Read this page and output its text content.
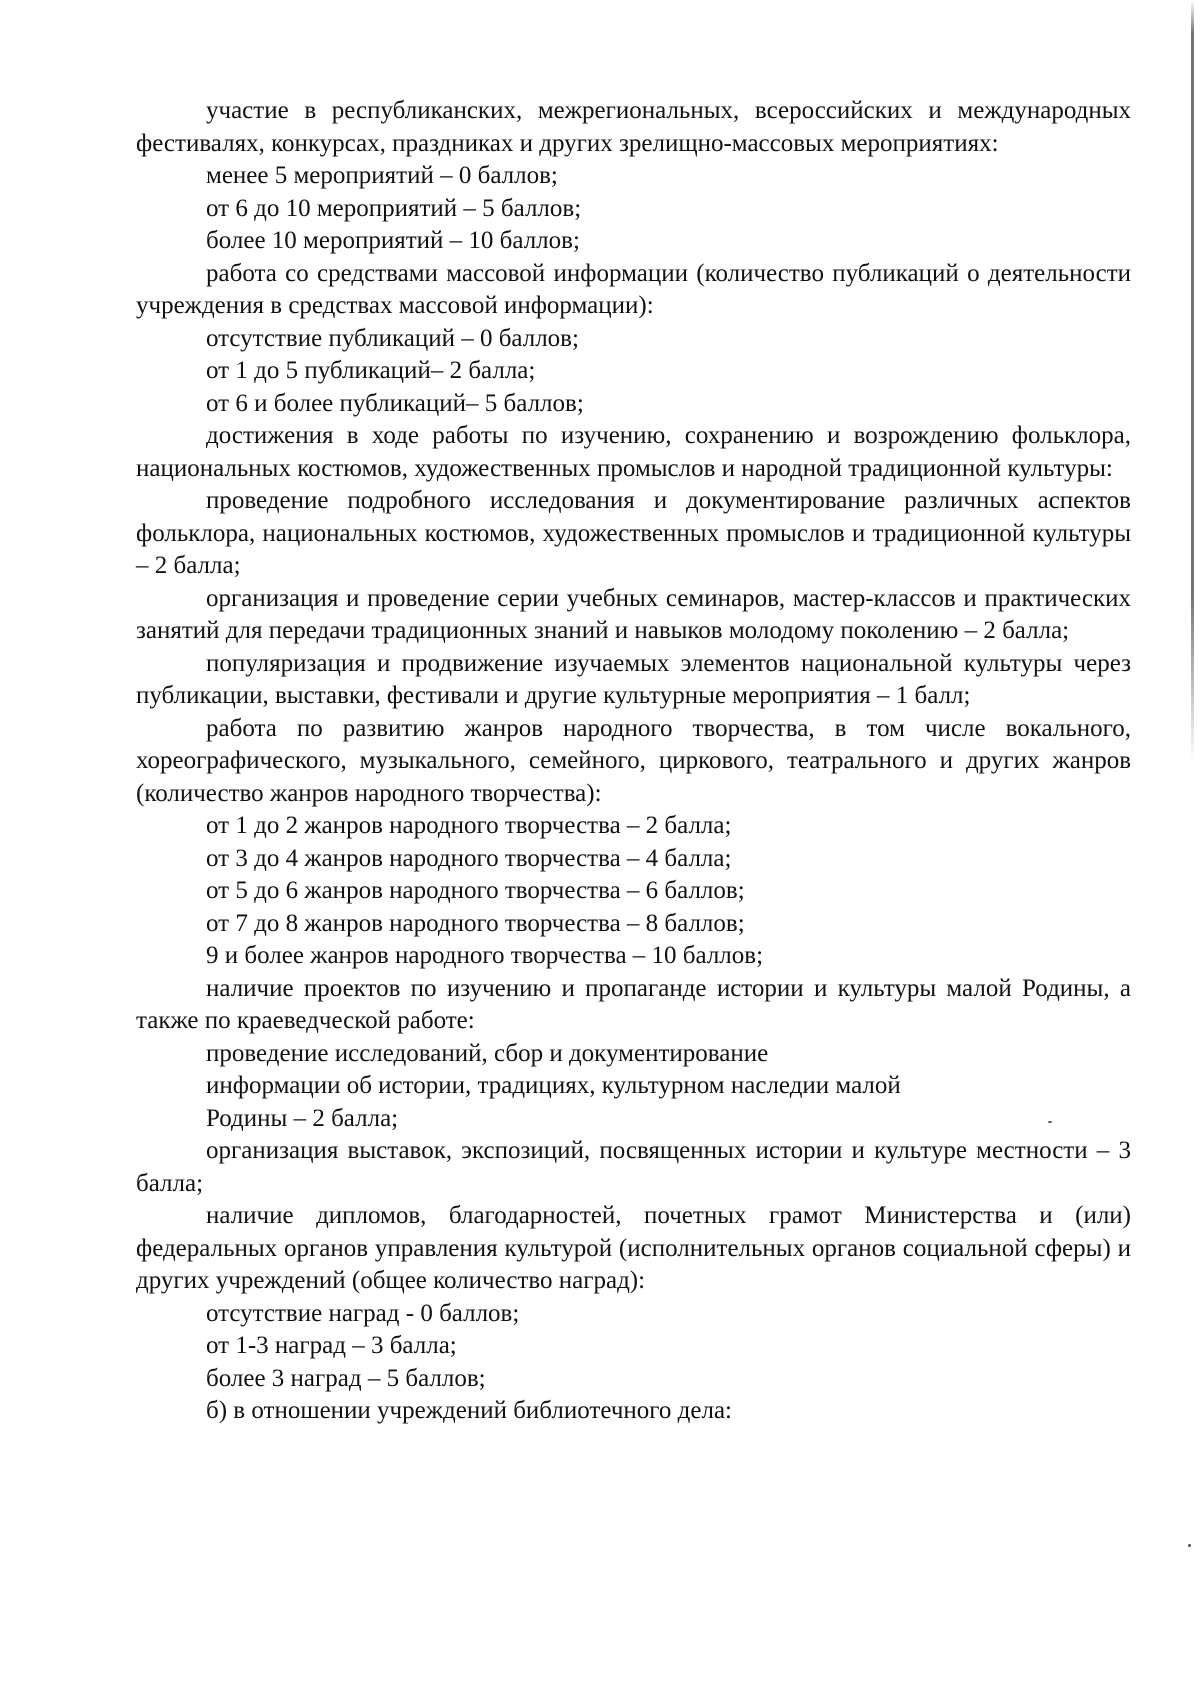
участие в республиканских, межрегиональных, всероссийских и международных фестивалях, конкурсах, праздниках и других зрелищно-массовых мероприятиях:

менее 5 мероприятий – 0 баллов;

от 6 до 10 мероприятий – 5 баллов;

более 10 мероприятий – 10 баллов;

работа со средствами массовой информации (количество публикаций о деятельности учреждения в средствах массовой информации):

отсутствие публикаций – 0 баллов;

от 1 до 5 публикаций– 2 балла;

от 6 и более публикаций– 5 баллов;

достижения в ходе работы по изучению, сохранению и возрождению фольклора, национальных костюмов, художественных промыслов и народной традиционной культуры:

проведение подробного исследования и документирование различных аспектов фольклора, национальных костюмов, художественных промыслов и традиционной культуры – 2 балла;

организация и проведение серии учебных семинаров, мастер-классов и практических занятий для передачи традиционных знаний и навыков молодому поколению – 2 балла;

популяризация и продвижение изучаемых элементов национальной культуры через публикации, выставки, фестивали и другие культурные мероприятия – 1 балл;

работа по развитию жанров народного творчества, в том числе вокального, хореографического, музыкального, семейного, циркового, театрального и других жанров (количество жанров народного творчества):

от 1 до 2 жанров народного творчества – 2 балла;

от 3 до 4 жанров народного творчества – 4 балла;

от 5 до 6 жанров народного творчества – 6 баллов;

от 7 до 8 жанров народного творчества – 8 баллов;

9 и более жанров народного творчества – 10 баллов;

наличие проектов по изучению и пропаганде истории и культуры малой Родины, а также по краеведческой работе:

проведение исследований, сбор и документирование

информации об истории, традициях, культурном наследии малой

Родины – 2 балла;

организация выставок, экспозиций, посвященных истории и культуре местности – 3 балла;

наличие дипломов, благодарностей, почетных грамот Министерства и (или) федеральных органов управления культурой (исполнительных органов социальной сферы) и других учреждений (общее количество наград):

отсутствие наград - 0 баллов;

от 1-3 наград – 3 балла;

более 3 наград – 5 баллов;

б) в отношении учреждений библиотечного дела:
